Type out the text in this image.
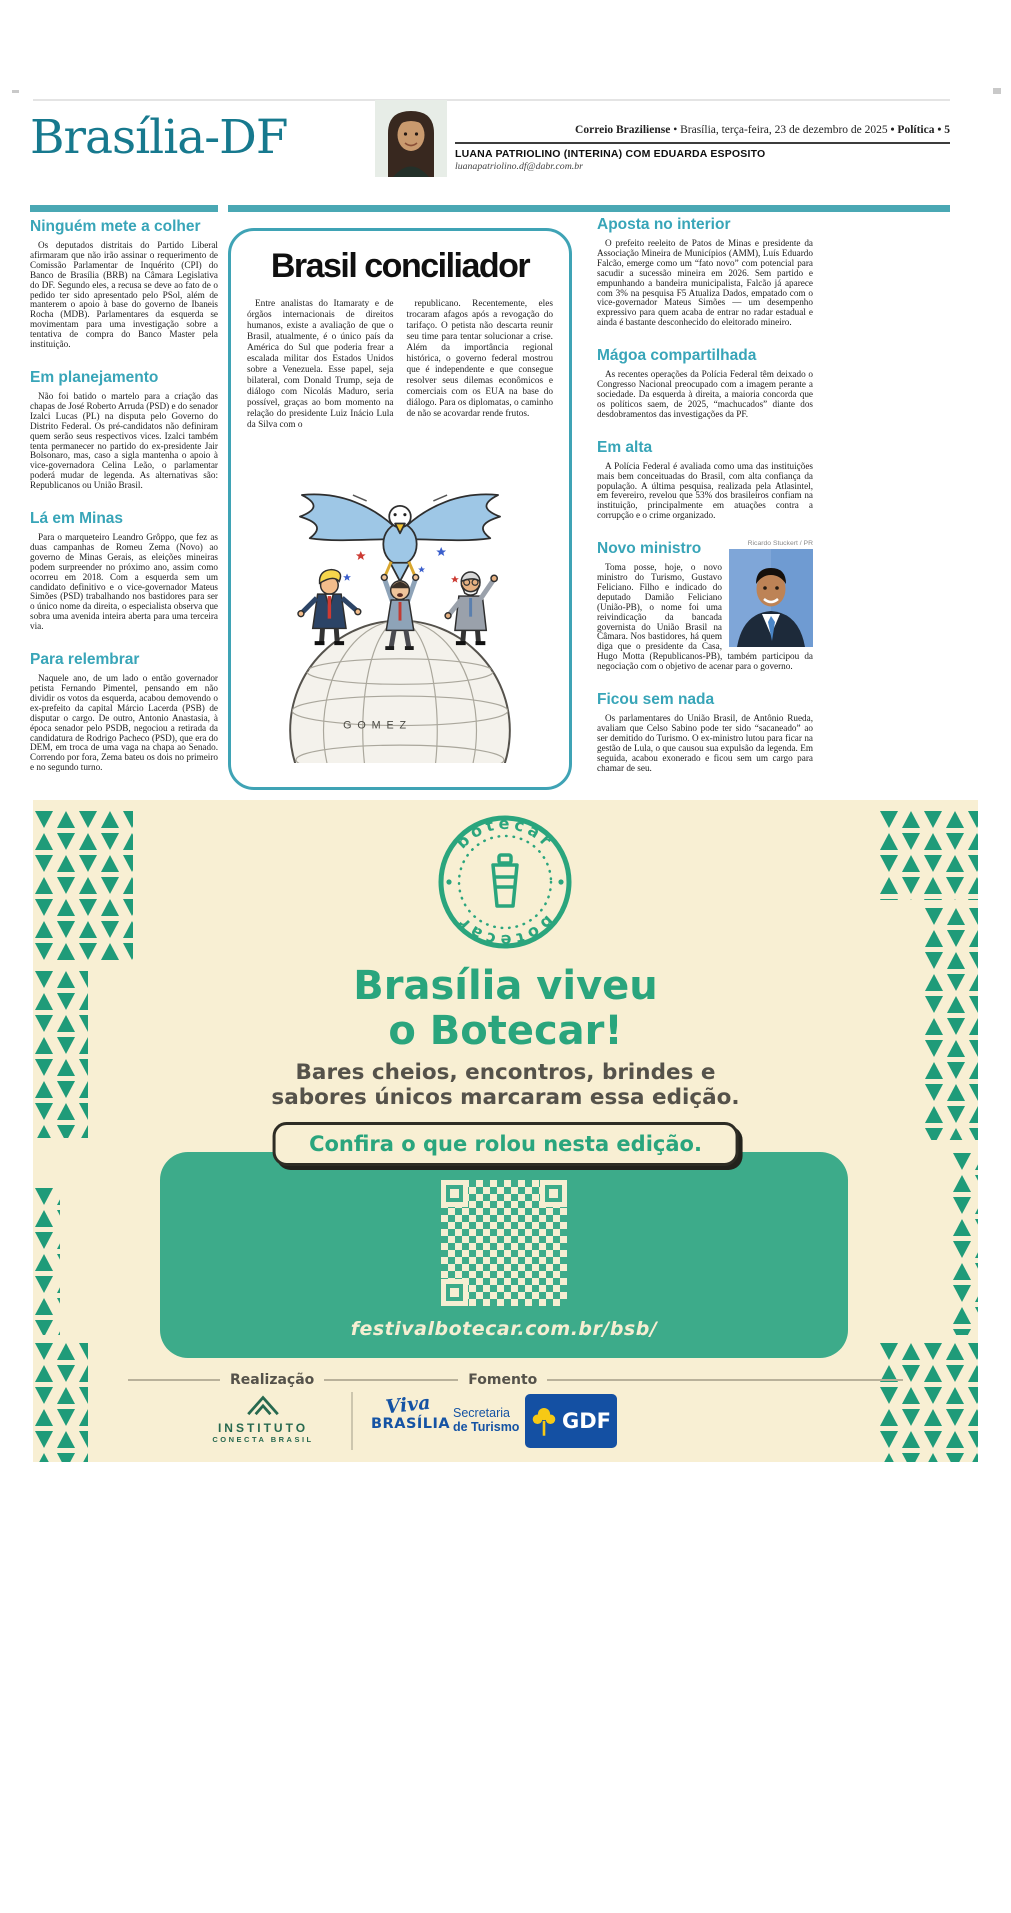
Brasília-DF	Correio Braziliense • Brasília, terça-feira, 23 de dezembro de 2025 • Política • 5
LUANA PATRIOLINO (INTERINA) COM EDUARDA ESPOSITO
luanapatriolino.df@dabr.com.br
Ninguém mete a colher

Os deputados distritais do Partido Liberal afirmaram que não irão assinar o requerimento de Comissão Parlamentar de Inquérito (CPI) do Banco de Brasília (BRB) na Câmara Legislativa do DF. Segundo eles, a recusa se deve ao fato de o pedido ter sido apresentado pelo PSol, além de manterem o apoio à base do governo de Ibaneis Rocha (MDB). Parlamentares da esquerda se movimentam para uma investigação sobre a tentativa de compra do Banco Master pela instituição.

Em planejamento

Não foi batido o martelo para a criação das chapas de José Roberto Arruda (PSD) e do senador Izalci Lucas (PL) na disputa pelo Governo do Distrito Federal. Os pré-candidatos não definiram quem serão seus respectivos vices. Izalci também tenta permanecer no partido do ex-presidente Jair Bolsonaro, mas, caso a sigla mantenha o apoio à vice-governadora Celina Leão, o parlamentar poderá mudar de legenda. As alternativas são: Republicanos ou União Brasil.

Lá em Minas

Para o marqueteiro Leandro Grôppo, que fez as duas campanhas de Romeu Zema (Novo) ao governo de Minas Gerais, as eleições mineiras podem surpreender no próximo ano, assim como ocorreu em 2018. Com a esquerda sem um candidato definitivo e o vice-governador Mateus Simões (PSD) trabalhando nos bastidores para ser o único nome da direita, o especialista observa que sobra uma avenida inteira aberta para uma terceira via.

Para relembrar

Naquele ano, de um lado o então governador petista Fernando Pimentel, pensando em não dividir os votos da esquerda, acabou demovendo o ex-prefeito da capital Márcio Lacerda (PSB) de disputar o cargo. De outro, Antonio Anastasia, à época senador pelo PSDB, negociou a retirada da candidatura de Rodrigo Pacheco (PSD), que era do DEM, em troca de uma vaga na chapa ao Senado. Correndo por fora, Zema bateu os dois no primeiro e no segundo turno.

Brasil conciliador

Entre analistas do Itamaraty e de órgãos internacionais de direitos humanos, existe a avaliação de que o Brasil, atualmente, é o único país da América do Sul que poderia frear a escalada militar dos Estados Unidos sobre a Venezuela. Esse papel, seja bilateral, com Donald Trump, seja de diálogo com Nicolás Maduro, seria possível, graças ao bom momento na relação do presidente Luiz Inácio Lula da Silva com o

republicano. Recentemente, eles trocaram afagos após a revogação do tarifaço. O petista não descarta reunir seu time para tentar solucionar a crise. Além da importância regional histórica, o governo federal mostrou que é independente e que consegue resolver seus dilemas econômicos e comerciais com os EUA na base do diálogo. Para os diplomatas, o caminho de não se acovardar rende frutos.

GOMEZ
Aposta no interior

O prefeito reeleito de Patos de Minas e presidente da Associação Mineira de Municípios (AMM), Luís Eduardo Falcão, emerge como um “fato novo” com potencial para sacudir a sucessão mineira em 2026. Sem partido e empunhando a bandeira municipalista, Falcão já aparece com 3% na pesquisa F5 Atualiza Dados, empatado com o vice-governador Mateus Simões — um desempenho expressivo para quem acaba de entrar no radar estadual e ainda é bastante desconhecido do eleitorado mineiro.

Mágoa compartilhada

As recentes operações da Polícia Federal têm deixado o Congresso Nacional preocupado com a imagem perante a sociedade. Da esquerda à direita, a maioria concorda que os políticos saem, de 2025, “machucados” diante dos desdobramentos das investigações da PF.

Em alta

A Polícia Federal é avaliada como uma das instituições mais bem conceituadas do Brasil, com alta confiança da população. A última pesquisa, realizada pela Atlasintel, em fevereiro, revelou que 53% dos brasileiros confiam na instituição, principalmente em atuações contra a corrupção e o crime organizado.

Ricardo Stuckert / PR
Novo ministro

Toma posse, hoje, o novo ministro do Turismo, Gustavo Feliciano. Filho e indicado do deputado Damião Feliciano (União-PB), o nome foi uma reivindicação da bancada governista do União Brasil na Câmara. Nos bastidores, há quem diga que o presidente da Casa, Hugo Motta (Republicanos-PB), também participou da negociação com o objetivo de acenar para o governo.

Ficou sem nada

Os parlamentares do União Brasil, de Antônio Rueda, avaliam que Celso Sabino pode ter sido “sacaneado” ao ser demitido do Turismo. O ex-ministro lutou para ficar na gestão de Lula, o que causou sua expulsão da legenda. Em seguida, acabou exonerado e ficou sem um cargo para chamar de seu.

botecar
botecar
Brasília viveu
o Botecar!
Bares cheios, encontros, brindes e
sabores únicos marcaram essa edição.
Confira o que rolou nesta edição.
festivalbotecar.com.br/bsb/
Realização	Fomento
INSTITUTO
CONECTA BRASIL
Viva
BRASÍLIA
Secretaria
de Turismo GDF
